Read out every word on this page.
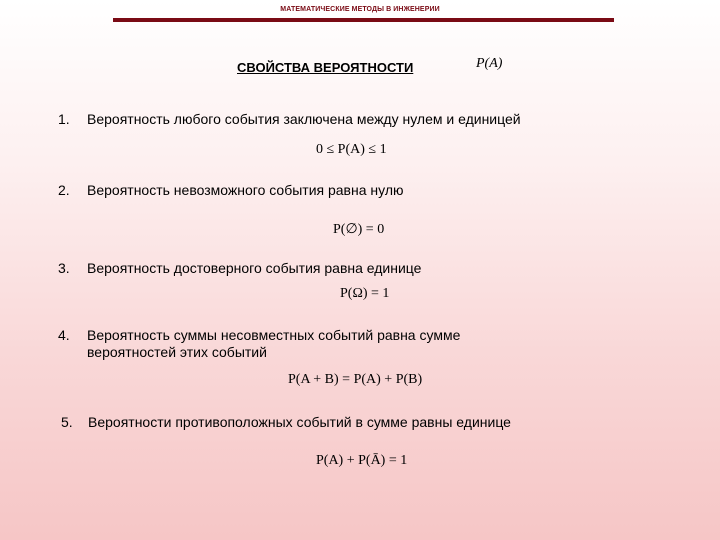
МАТЕМАТИЧЕСКИЕ МЕТОДЫ В ИНЖЕНЕРИИ
СВОЙСТВА ВЕРОЯТНОСТИ	P(A)
1. Вероятность любого события заключена между нулем и единицей
0 ≤ P(A) ≤ 1
2. Вероятность невозможного события равна нулю
P(∅) = 0
3. Вероятность достоверного события равна единице
P(Ω) = 1
4. Вероятность суммы несовместных событий равна сумме вероятностей этих событий
P(A + B) = P(A) + P(B)
5. Вероятности противоположных событий в сумме равны единице
P(A) + P(Ā) = 1
